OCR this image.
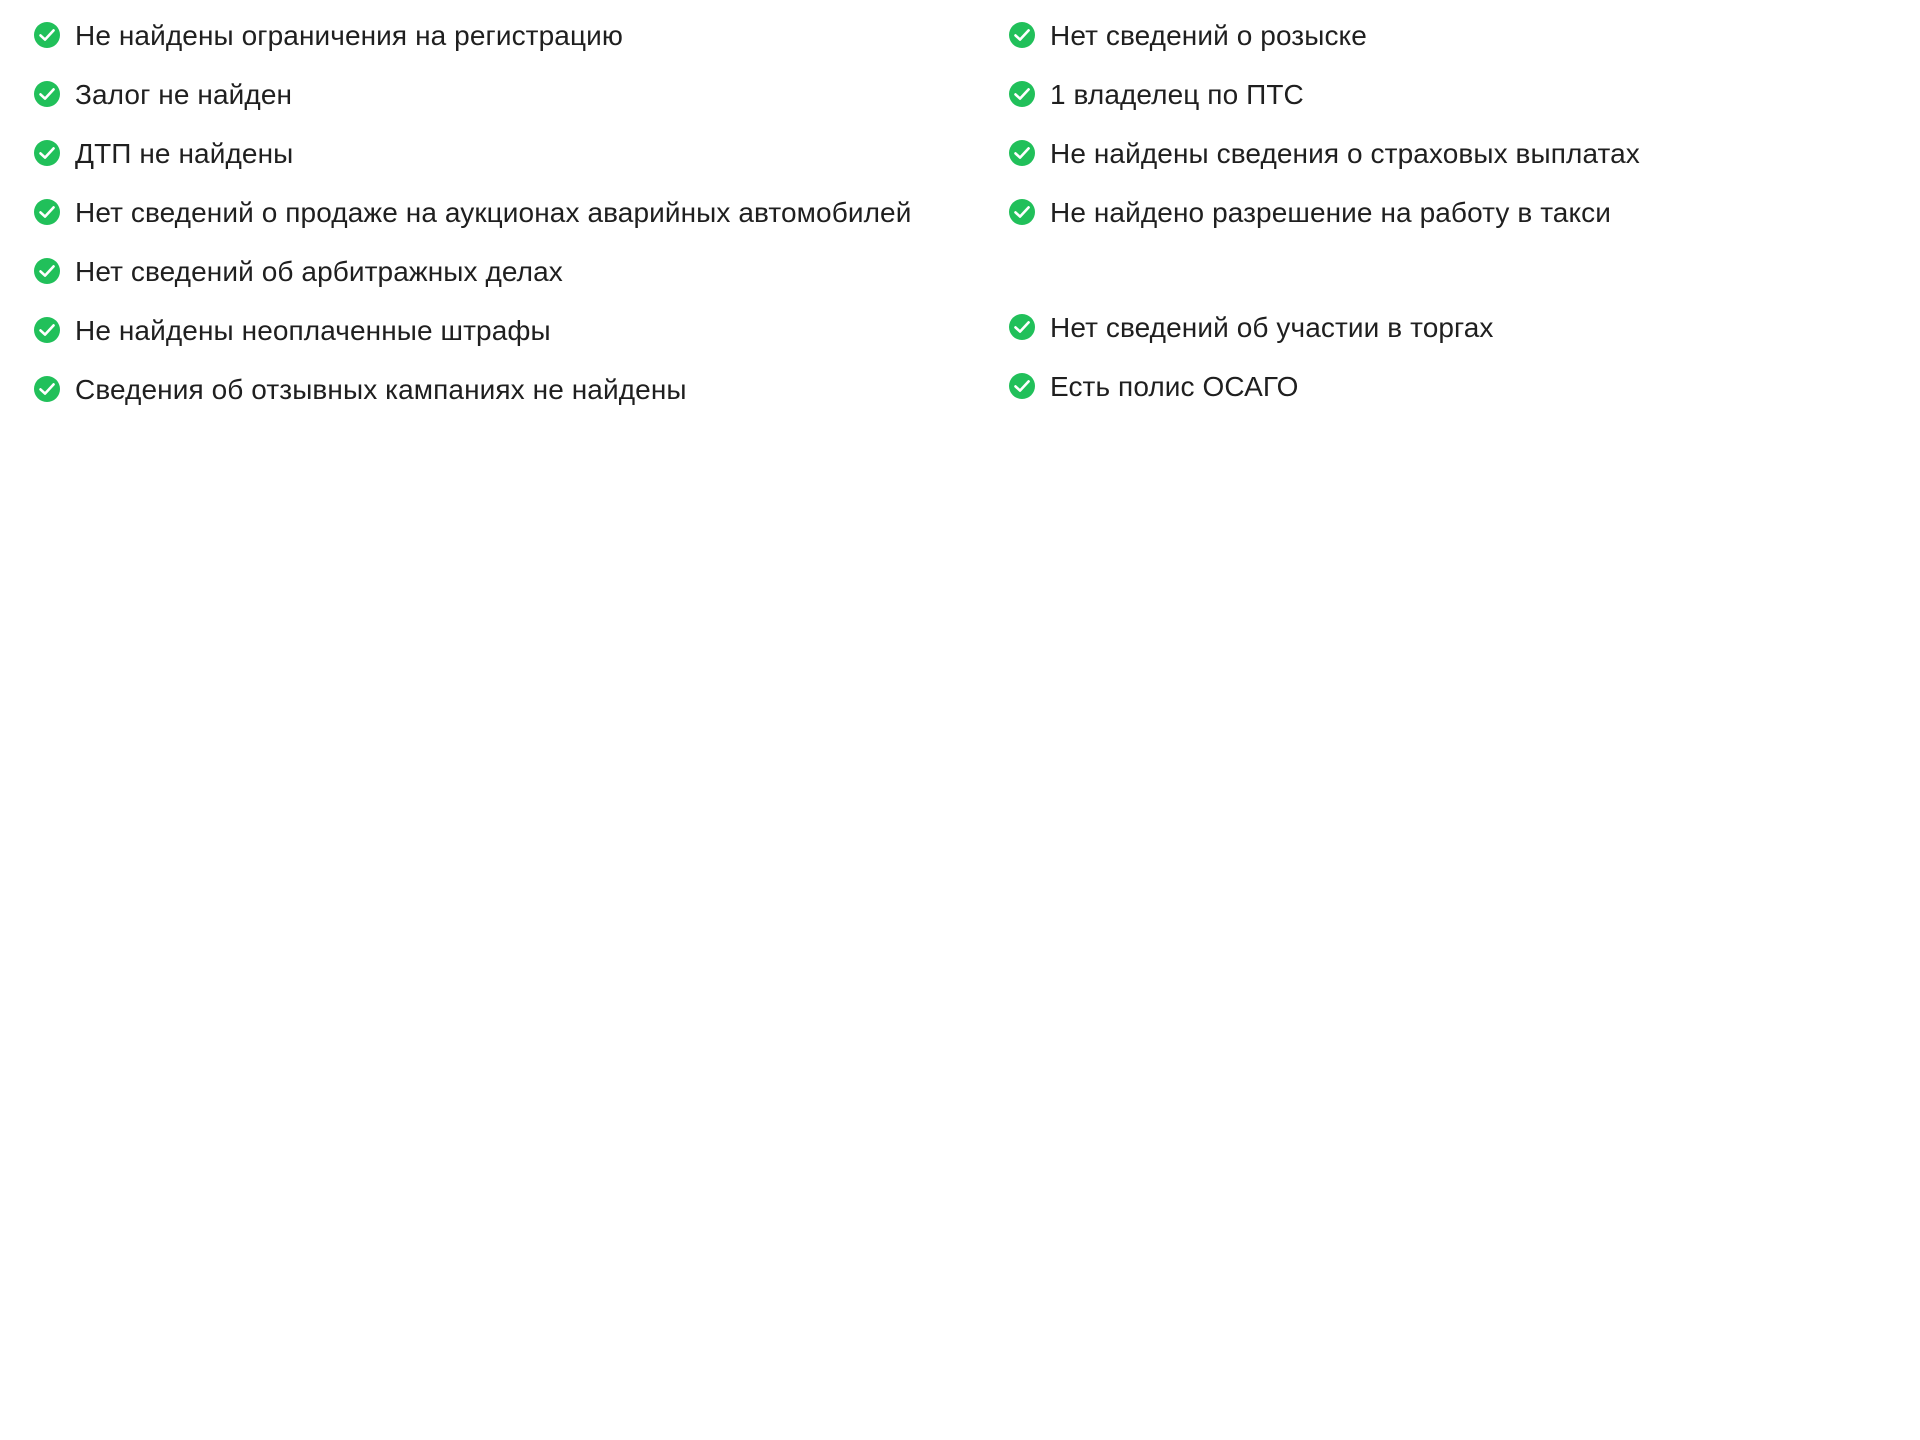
Не найдены ограничения на регистрацию
Залог не найден
ДТП не найдены
Нет сведений о продаже на аукционах аварийных автомобилей
Нет сведений об арбитражных делах
Не найдены неоплаченные штрафы
Сведения об отзывных кампаниях не найдены
Нет сведений о розыске
1 владелец по ПТС
Не найдены сведения о страховых выплатах
Не найдено разрешение на работу в такси
Нет сведений об участии в торгах
Есть полис ОСАГО
